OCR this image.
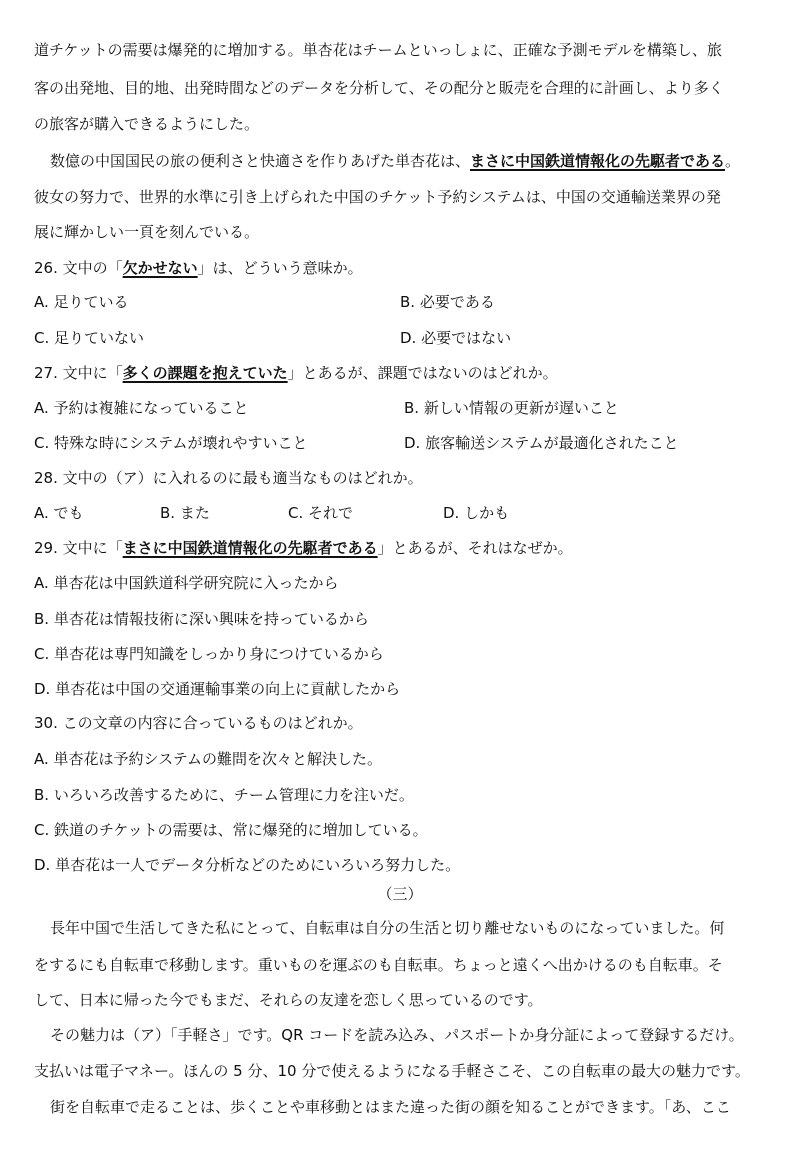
道チケットの需要は爆発的に増加する。単杏花はチームといっしょに、正確な予測モデルを構築し、旅
客の出発地、目的地、出発時間などのデータを分析して、その配分と販売を合理的に計画し、より多く
の旅客が購入できるようにした。
数億の中国国民の旅の便利さと快適さを作りあげた単杏花は、まさに中国鉄道情報化の先駆者である。
彼女の努力で、世界的水準に引き上げられた中国のチケット予約システムは、中国の交通輸送業界の発
展に輝かしい一頁を刻んでいる。
26. 文中の「欠かせない」は、どういう意味か。
A. 足りている	B. 必要である
C. 足りていない	D. 必要ではない
27. 文中に「多くの課題を抱えていた」とあるが、課題ではないのはどれか。
A. 予約は複雑になっていること	B. 新しい情報の更新が遅いこと
C. 特殊な時にシステムが壊れやすいこと	D. 旅客輸送システムが最適化されたこと
28. 文中の（ア）に入れるのに最も適当なものはどれか。
A. でも	B. また	C. それで	D. しかも
29. 文中に「まさに中国鉄道情報化の先駆者である」とあるが、それはなぜか。
A. 単杏花は中国鉄道科学研究院に入ったから
B. 単杏花は情報技術に深い興味を持っているから
C. 単杏花は専門知識をしっかり身につけているから
D. 単杏花は中国の交通運輸事業の向上に貢献したから
30. この文章の内容に合っているものはどれか。
A. 単杏花は予約システムの難問を次々と解決した。
B. いろいろ改善するために、チーム管理に力を注いだ。
C. 鉄道のチケットの需要は、常に爆発的に増加している。
D. 単杏花は一人でデータ分析などのためにいろいろ努力した。
（三）
長年中国で生活してきた私にとって、自転車は自分の生活と切り離せないものになっていました。何
をするにも自転車で移動します。重いものを運ぶのも自転車。ちょっと遠くへ出かけるのも自転車。そ
して、日本に帰った今でもまだ、それらの友達を恋しく思っているのです。
その魅力は（ア）「手軽さ」です。QR コードを読み込み、パスポートか身分証によって登録するだけ。
支払いは電子マネー。ほんの 5 分、10 分で使えるようになる手軽さこそ、この自転車の最大の魅力です。
街を自転車で走ることは、歩くことや車移動とはまた違った街の顔を知ることができます。「あ、ここ
